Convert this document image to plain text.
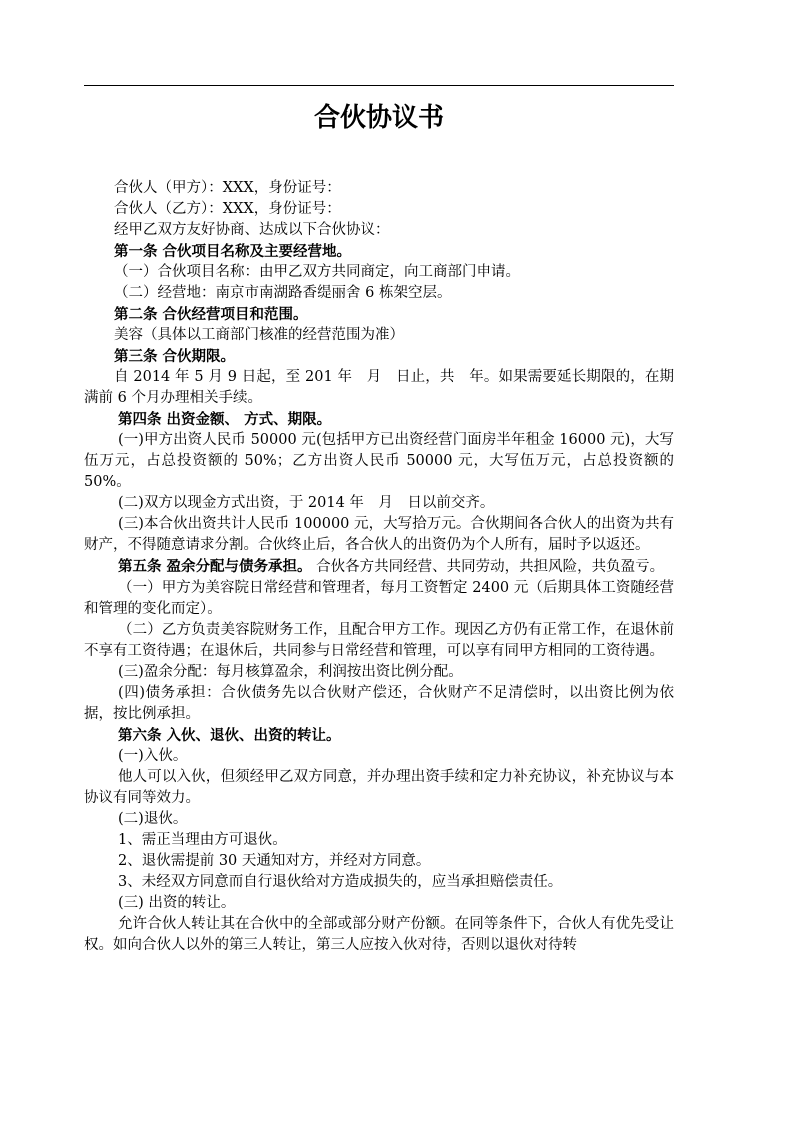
合伙协议书

合伙人（甲方）：XXX，身份证号：

合伙人（乙方）：XXX，身份证号：

经甲乙双方友好协商、达成以下合伙协议：

第一条 合伙项目名称及主要经营地。

（一）合伙项目名称：由甲乙双方共同商定，向工商部门申请。

（二）经营地：南京市南湖路香缇丽舍 6 栋架空层。

第二条 合伙经营项目和范围。

美容（具体以工商部门核准的经营范围为准）

第三条 合伙期限。

自 2014 年 5 月 9 日起，至 201 年　月　日止，共　年。如果需要延长期限的，在期满前 6 个月办理相关手续。

第四条 出资金额、 方式、期限。

(一)甲方出资人民币 50000 元(包括甲方已出资经营门面房半年租金 16000 元)，大写伍万元，占总投资额的 50%；乙方出资人民币 50000 元，大写伍万元，占总投资额的 50%。

(二)双方以现金方式出资，于 2014 年　月　日以前交齐。

(三)本合伙出资共计人民币 100000 元，大写拾万元。合伙期间各合伙人的出资为共有财产，不得随意请求分割。合伙终止后，各合伙人的出资仍为个人所有，届时予以返还。

第五条 盈余分配与债务承担。 合伙各方共同经营、共同劳动，共担风险，共负盈亏。

（一）甲方为美容院日常经营和管理者，每月工资暂定 2400 元（后期具体工资随经营和管理的变化而定）。

（二）乙方负责美容院财务工作，且配合甲方工作。现因乙方仍有正常工作，在退休前不享有工资待遇；在退休后，共同参与日常经营和管理，可以享有同甲方相同的工资待遇。

(三)盈余分配：每月核算盈余，利润按出资比例分配。

(四)债务承担：合伙债务先以合伙财产偿还，合伙财产不足清偿时，以出资比例为依据，按比例承担。

第六条 入伙、退伙、出资的转让。

(一)入伙。

他人可以入伙，但须经甲乙双方同意，并办理出资手续和定力补充协议，补充协议与本协议有同等效力。

(二)退伙。

1、需正当理由方可退伙。

2、退伙需提前 30 天通知对方，并经对方同意。

3、未经双方同意而自行退伙给对方造成损失的，应当承担赔偿责任。

(三) 出资的转让。

允许合伙人转让其在合伙中的全部或部分财产份额。在同等条件下，合伙人有优先受让权。如向合伙人以外的第三人转让，第三人应按入伙对待，否则以退伙对待转
